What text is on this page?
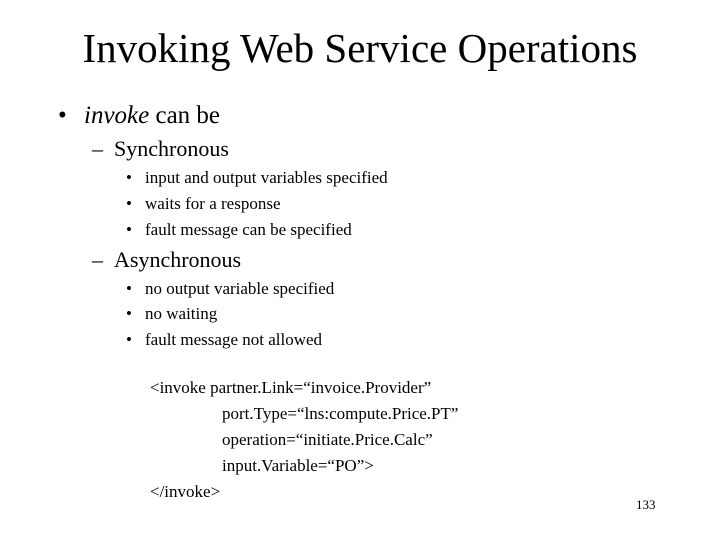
Invoking Web Service Operations
• invoke can be
– Synchronous
• input and output variables specified
• waits for a response
• fault message can be specified
– Asynchronous
• no output variable specified
• no waiting
• fault message not allowed
<invoke partner.Link=“invoice.Provider”
port.Type=“lns:compute.Price.PT”
operation=“initiate.Price.Calc”
input.Variable=“PO”>
</invoke>
133
